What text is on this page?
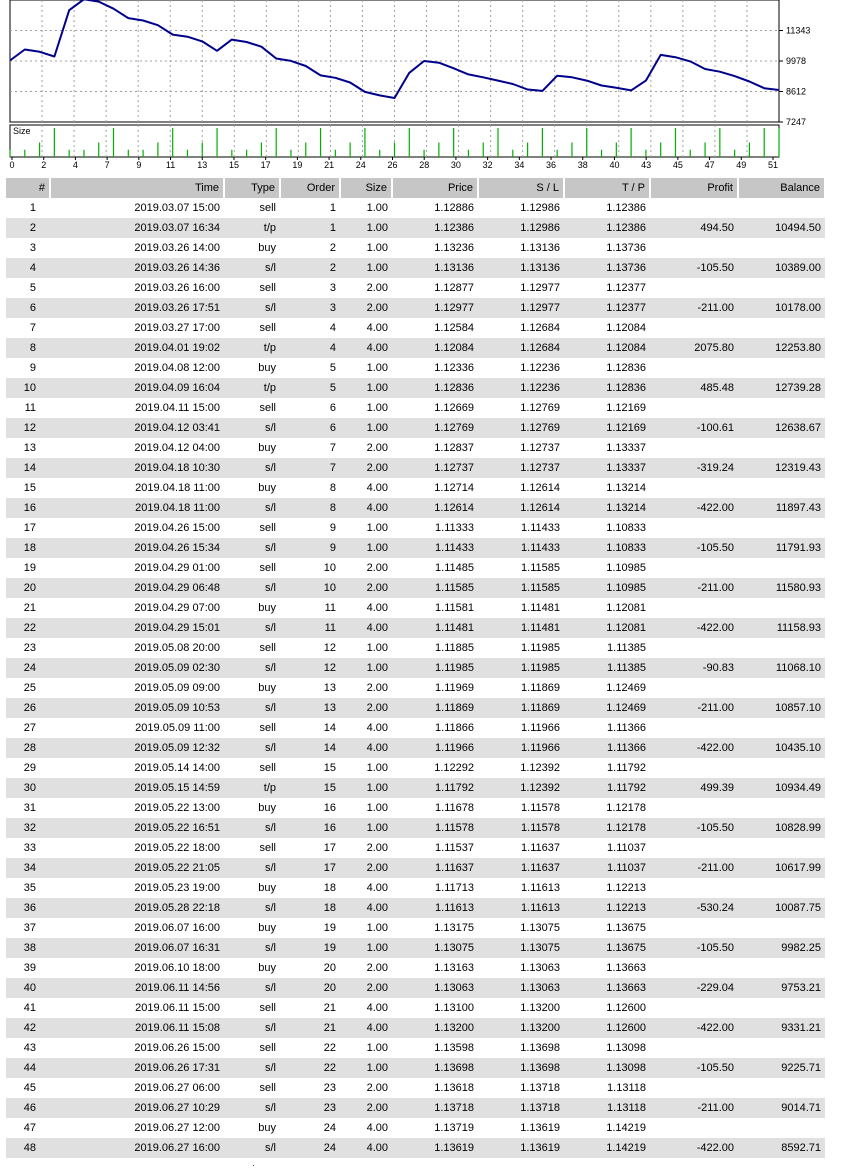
11343
9978
8612
7247
0	2	4	7	9	11 13 15 17 19 21 24 26 28 30 32 34 36 38 40 43 45 47 49 51
Size
#	Time	Type	Order	Size	Price	S / L	T / P	Profit	Balance
1	2019.03.07 15:00	sell	1	1.00	1.12886	1.12986	1.12386		
2	2019.03.07 16:34	t/p	1	1.00	1.12386	1.12986	1.12386	494.50	10494.50
3	2019.03.26 14:00	buy	2	1.00	1.13236	1.13136	1.13736		
4	2019.03.26 14:36	s/l	2	1.00	1.13136	1.13136	1.13736	-105.50	10389.00
5	2019.03.26 16:00	sell	3	2.00	1.12877	1.12977	1.12377		
6	2019.03.26 17:51	s/l	3	2.00	1.12977	1.12977	1.12377	-211.00	10178.00
7	2019.03.27 17:00	sell	4	4.00	1.12584	1.12684	1.12084		
8	2019.04.01 19:02	t/p	4	4.00	1.12084	1.12684	1.12084	2075.80	12253.80
9	2019.04.08 12:00	buy	5	1.00	1.12336	1.12236	1.12836		
10	2019.04.09 16:04	t/p	5	1.00	1.12836	1.12236	1.12836	485.48	12739.28
11	2019.04.11 15:00	sell	6	1.00	1.12669	1.12769	1.12169		
12	2019.04.12 03:41	s/l	6	1.00	1.12769	1.12769	1.12169	-100.61	12638.67
13	2019.04.12 04:00	buy	7	2.00	1.12837	1.12737	1.13337		
14	2019.04.18 10:30	s/l	7	2.00	1.12737	1.12737	1.13337	-319.24	12319.43
15	2019.04.18 11:00	buy	8	4.00	1.12714	1.12614	1.13214		
16	2019.04.18 11:00	s/l	8	4.00	1.12614	1.12614	1.13214	-422.00	11897.43
17	2019.04.26 15:00	sell	9	1.00	1.11333	1.11433	1.10833		
18	2019.04.26 15:34	s/l	9	1.00	1.11433	1.11433	1.10833	-105.50	11791.93
19	2019.04.29 01:00	sell	10	2.00	1.11485	1.11585	1.10985		
20	2019.04.29 06:48	s/l	10	2.00	1.11585	1.11585	1.10985	-211.00	11580.93
21	2019.04.29 07:00	buy	11	4.00	1.11581	1.11481	1.12081		
22	2019.04.29 15:01	s/l	11	4.00	1.11481	1.11481	1.12081	-422.00	11158.93
23	2019.05.08 20:00	sell	12	1.00	1.11885	1.11985	1.11385		
24	2019.05.09 02:30	s/l	12	1.00	1.11985	1.11985	1.11385	-90.83	11068.10
25	2019.05.09 09:00	buy	13	2.00	1.11969	1.11869	1.12469		
26	2019.05.09 10:53	s/l	13	2.00	1.11869	1.11869	1.12469	-211.00	10857.10
27	2019.05.09 11:00	sell	14	4.00	1.11866	1.11966	1.11366		
28	2019.05.09 12:32	s/l	14	4.00	1.11966	1.11966	1.11366	-422.00	10435.10
29	2019.05.14 14:00	sell	15	1.00	1.12292	1.12392	1.11792		
30	2019.05.15 14:59	t/p	15	1.00	1.11792	1.12392	1.11792	499.39	10934.49
31	2019.05.22 13:00	buy	16	1.00	1.11678	1.11578	1.12178		
32	2019.05.22 16:51	s/l	16	1.00	1.11578	1.11578	1.12178	-105.50	10828.99
33	2019.05.22 18:00	sell	17	2.00	1.11537	1.11637	1.11037		
34	2019.05.22 21:05	s/l	17	2.00	1.11637	1.11637	1.11037	-211.00	10617.99
35	2019.05.23 19:00	buy	18	4.00	1.11713	1.11613	1.12213		
36	2019.05.28 22:18	s/l	18	4.00	1.11613	1.11613	1.12213	-530.24	10087.75
37	2019.06.07 16:00	buy	19	1.00	1.13175	1.13075	1.13675		
38	2019.06.07 16:31	s/l	19	1.00	1.13075	1.13075	1.13675	-105.50	9982.25
39	2019.06.10 18:00	buy	20	2.00	1.13163	1.13063	1.13663		
40	2019.06.11 14:56	s/l	20	2.00	1.13063	1.13063	1.13663	-229.04	9753.21
41	2019.06.11 15:00	sell	21	4.00	1.13100	1.13200	1.12600		
42	2019.06.11 15:08	s/l	21	4.00	1.13200	1.13200	1.12600	-422.00	9331.21
43	2019.06.26 15:00	sell	22	1.00	1.13598	1.13698	1.13098		
44	2019.06.26 17:31	s/l	22	1.00	1.13698	1.13698	1.13098	-105.50	9225.71
45	2019.06.27 06:00	sell	23	2.00	1.13618	1.13718	1.13118		
46	2019.06.27 10:29	s/l	23	2.00	1.13718	1.13718	1.13118	-211.00	9014.71
47	2019.06.27 12:00	buy	24	4.00	1.13719	1.13619	1.14219		
48	2019.06.27 16:00	s/l	24	4.00	1.13619	1.13619	1.14219	-422.00	8592.71
·
